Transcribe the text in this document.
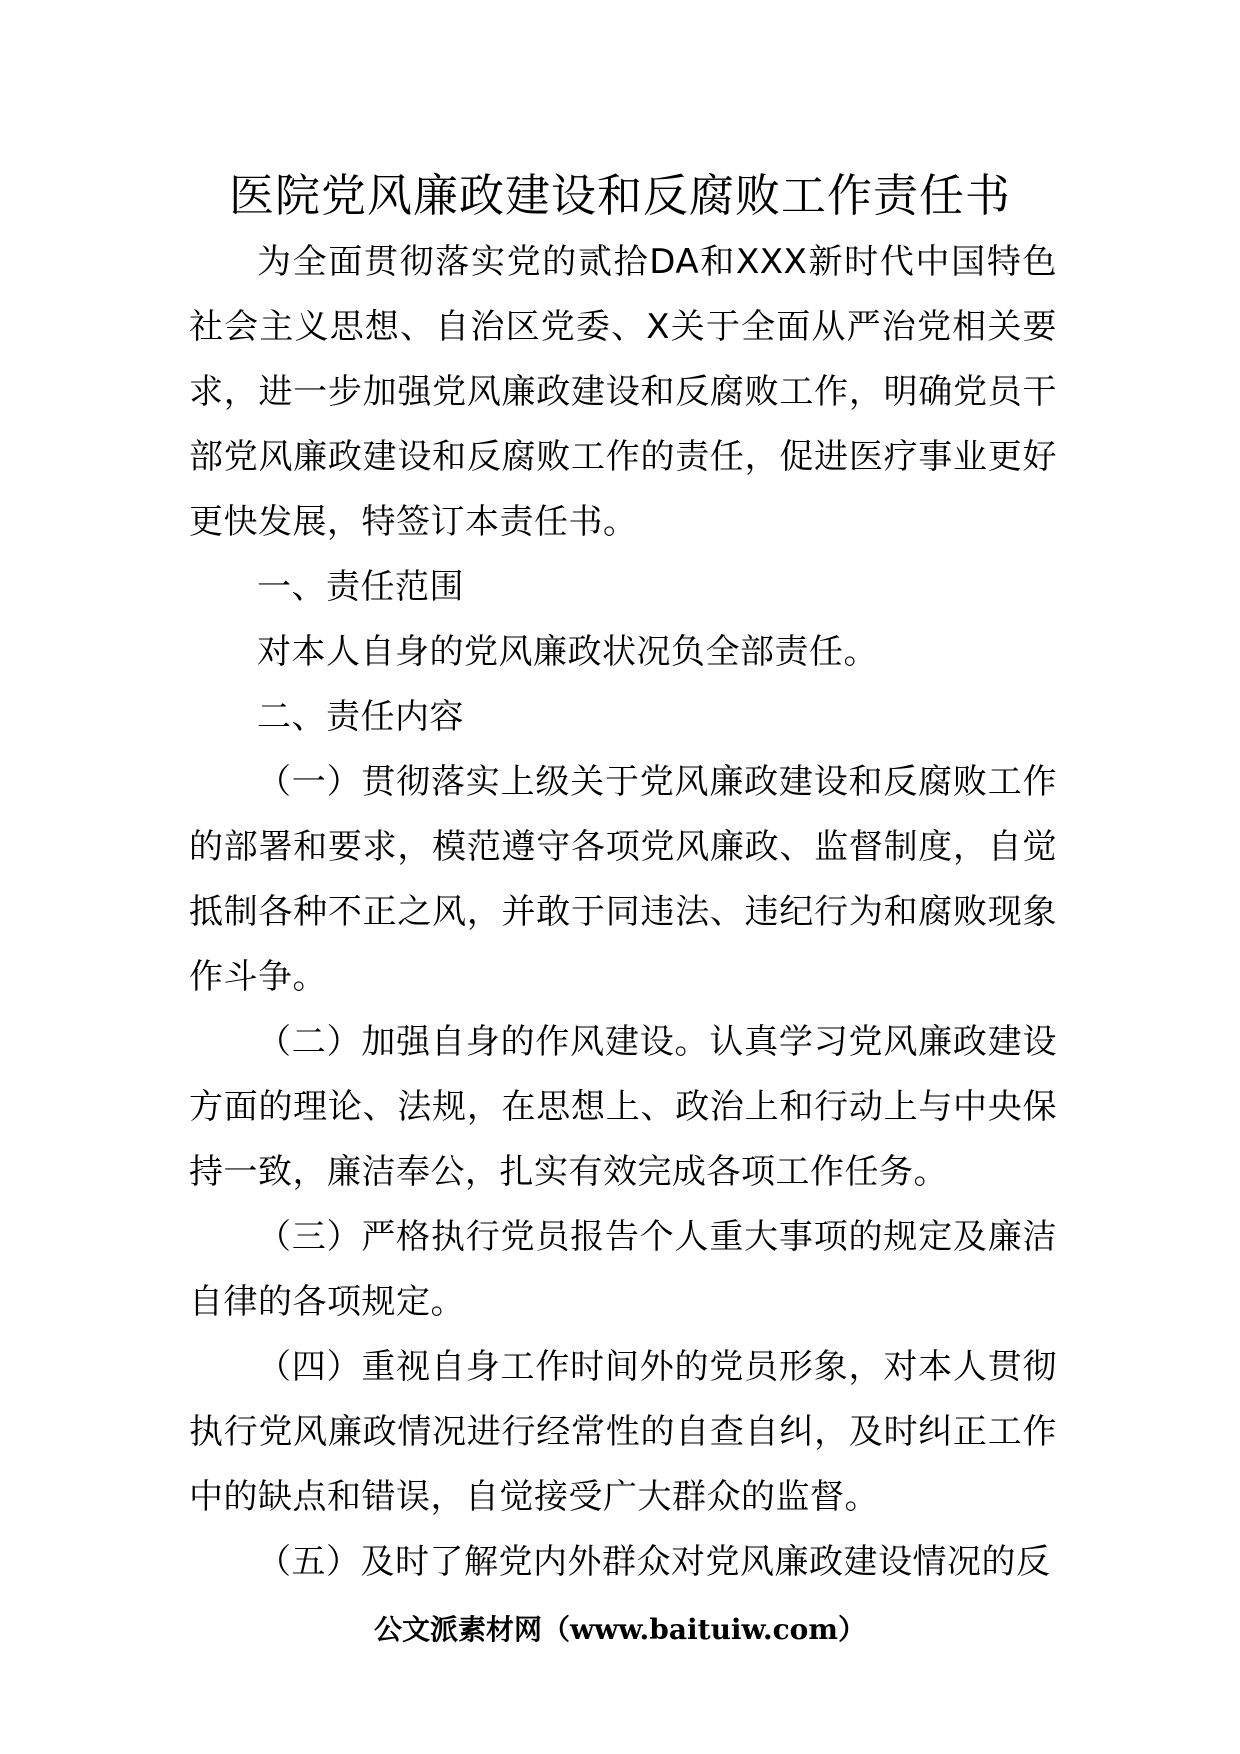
医院党风廉政建设和反腐败工作责任书

为全面贯彻落实党的贰拾DA和XXX新时代中国特色社会主义思想、自治区党委、X关于全面从严治党相关要求，进一步加强党风廉政建设和反腐败工作，明确党员干部党风廉政建设和反腐败工作的责任，促进医疗事业更好更快发展，特签订本责任书。

一、责任范围

对本人自身的党风廉政状况负全部责任。

二、责任内容

（一）贯彻落实上级关于党风廉政建设和反腐败工作的部署和要求，模范遵守各项党风廉政、监督制度，自觉抵制各种不正之风，并敢于同违法、违纪行为和腐败现象作斗争。

（二）加强自身的作风建设。认真学习党风廉政建设方面的理论、法规，在思想上、政治上和行动上与中央保持一致，廉洁奉公，扎实有效完成各项工作任务。

（三）严格执行党员报告个人重大事项的规定及廉洁自律的各项规定。

（四）重视自身工作时间外的党员形象，对本人贯彻执行党风廉政情况进行经常性的自查自纠，及时纠正工作中的缺点和错误，自觉接受广大群众的监督。

（五）及时了解党内外群众对党风廉政建设情况的反

公文派素材网（www.baituiw.com）
